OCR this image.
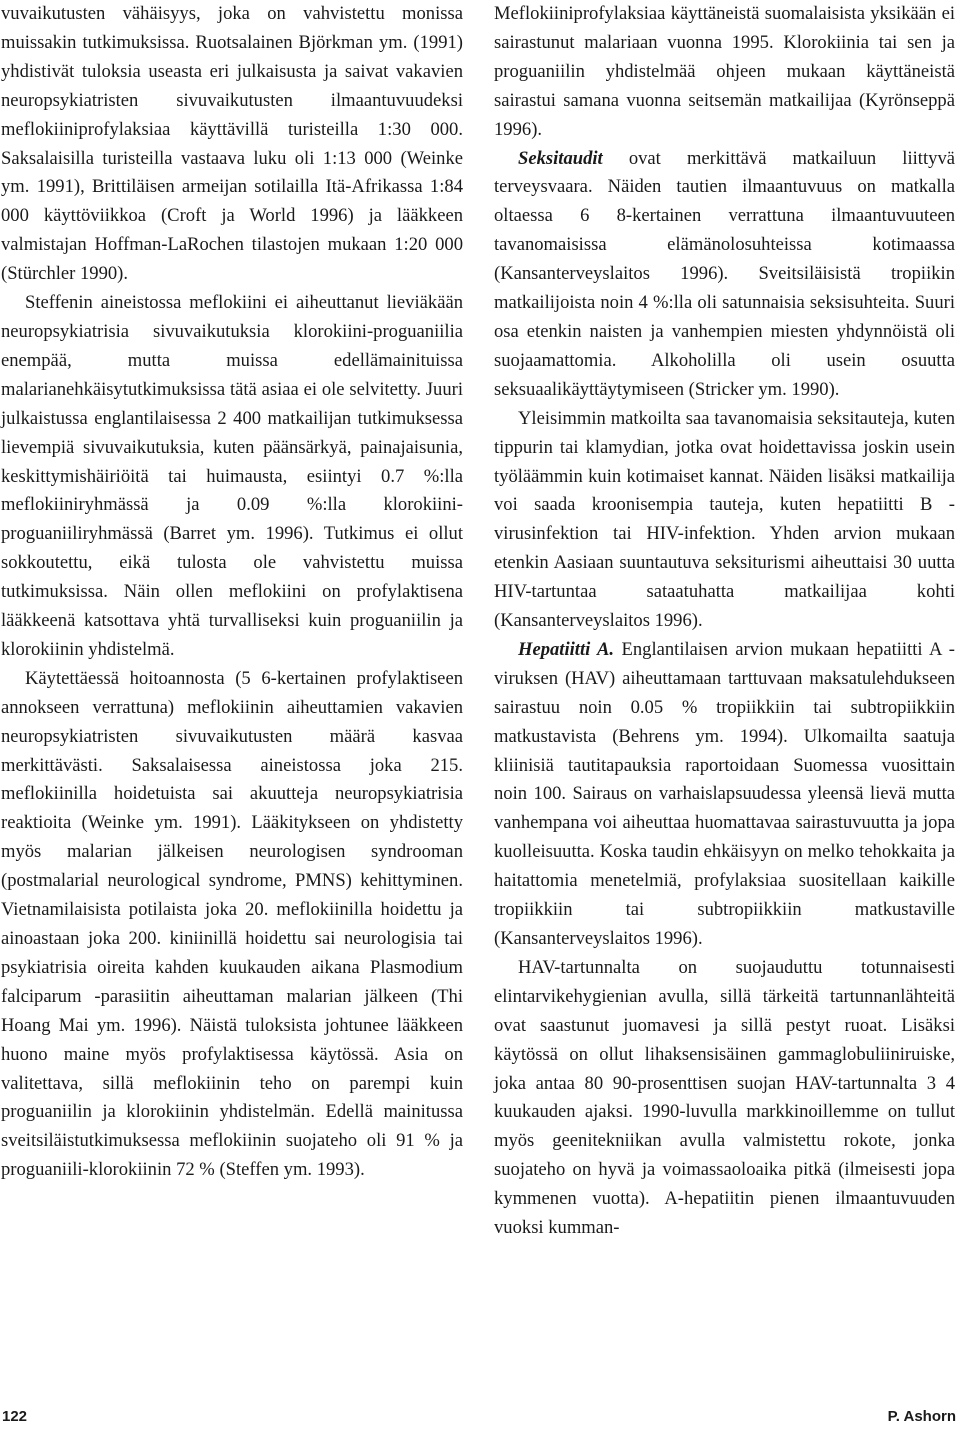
vuvaikutusten vähäisyys, joka on vahvistettu monissa muissakin tutkimuksissa. Ruotsalainen Björkman ym. (1991) yhdistivät tuloksia useasta eri julkaisusta ja saivat vakavien neuropsykiatristen sivuvaikutusten ilmaantuvuudeksi meflokiiniprofylaksiaa käyttävillä turisteilla 1:30 000. Saksalaisilla turisteilla vastaava luku oli 1:13 000 (Weinke ym. 1991), Brittiläisen armeijan sotilailla Itä-Afrikassa 1:84 000 käyttöviikkoa (Croft ja World 1996) ja lääkkeen valmistajan Hoffman-LaRochen tilastojen mukaan 1:20 000 (Stürchler 1990).

Steffenin aineistossa meflokiini ei aiheuttanut lieviäkään neuropsykiatrisia sivuvaikutuksia klorokiini-proguaniilia enempää, mutta muissa edellämainituissa malarianehkäisytutkimuksissa tätä asiaa ei ole selvitetty. Juuri julkaistussa englantilaisessa 2 400 matkailijan tutkimuksessa lievempiä sivuvaikutuksia, kuten päänsärkyä, painajaisunia, keskittymishäiriöitä tai huimausta, esiintyi 0.7 %:lla meflokiiniryhmässä ja 0.09 %:lla klorokiini-proguaniiliryhmässä (Barret ym. 1996). Tutkimus ei ollut sokkoutettu, eikä tulosta ole vahvistettu muissa tutkimuksissa. Näin ollen meflokiini on profylaktisena lääkkeenä katsottava yhtä turvalliseksi kuin proguaniilin ja klorokiinin yhdistelmä.

Käytettäessä hoitoannosta (5 6-kertainen profylaktiseen annokseen verrattuna) meflokiinin aiheuttamien vakavien neuropsykiatristen sivuvaikutusten määrä kasvaa merkittävästi. Saksalaisessa aineistossa joka 215. meflokiinilla hoidetuista sai akuutteja neuropsykiatrisia reaktioita (Weinke ym. 1991). Lääkitykseen on yhdistetty myös malarian jälkeisen neurologisen syndrooman (postmalarial neurological syndrome, PMNS) kehittyminen. Vietnamilaisista potilaista joka 20. meflokiinilla hoidettu ja ainoastaan joka 200. kiniinillä hoidettu sai neurologisia tai psykiatrisia oireita kahden kuukauden aikana Plasmodium falciparum -parasiitin aiheuttaman malarian jälkeen (Thi Hoang Mai ym. 1996). Näistä tuloksista johtunee lääkkeen huono maine myös profylaktisessa käytössä. Asia on valitettava, sillä meflokiinin teho on parempi kuin proguaniilin ja klorokiinin yhdistelmän. Edellä mainitussa sveitsiläistutkimuksessa meflokiinin suojateho oli 91 % ja proguaniili-klorokiinin 72 % (Steffen ym. 1993).

Meflokiiniprofylaksiaa käyttäneistä suomalaisista yksikään ei sairastunut malariaan vuonna 1995. Klorokiinia tai sen ja proguaniilin yhdistelmää ohjeen mukaan käyttäneistä sairastui samana vuonna seitsemän matkailijaa (Kyrönseppä 1996).

Seksitaudit ovat merkittävä matkailuun liittyvä terveysvaara. Näiden tautien ilmaantuvuus on matkalla oltaessa 6 8-kertainen verrattuna ilmaantuvuuteen tavanomaisissa elämänolosuhteissa kotimaassa (Kansanterveyslaitos 1996). Sveitsiläisistä tropiikin matkailijoista noin 4 %:lla oli satunnaisia seksisuhteita. Suuri osa etenkin naisten ja vanhempien miesten yhdynnöistä oli suojaamattomia. Alkoholilla oli usein osuutta seksuaalikäyttäytymiseen (Stricker ym. 1990).

Yleisimmin matkoilta saa tavanomaisia seksitauteja, kuten tippurin tai klamydian, jotka ovat hoidettavissa joskin usein työläämmin kuin kotimaiset kannat. Näiden lisäksi matkailija voi saada kroonisempia tauteja, kuten hepatiitti B -virusinfektion tai HIV-infektion. Yhden arvion mukaan etenkin Aasiaan suuntautuva seksiturismi aiheuttaisi 30 uutta HIV-tartuntaa sataatuhatta matkailijaa kohti (Kansanterveyslaitos 1996).

Hepatiitti A. Englantilaisen arvion mukaan hepatiitti A -viruksen (HAV) aiheuttamaan tarttuvaan maksatulehdukseen sairastuu noin 0.05 % tropiikkiin tai subtropiikkiin matkustavista (Behrens ym. 1994). Ulkomailta saatuja kliinisiä tautitapauksia raportoidaan Suomessa vuosittain noin 100. Sairaus on varhaislapsuudessa yleensä lievä mutta vanhempana voi aiheuttaa huomattavaa sairastuvuutta ja jopa kuolleisuutta. Koska taudin ehkäisyyn on melko tehokkaita ja haitattomia menetelmiä, profylaksiaa suositellaan kaikille tropiikkiin tai subtropiikkiin matkustaville (Kansanterveyslaitos 1996).

HAV-tartunnalta on suojauduttu totunnaisesti elintarvikehygienian avulla, sillä tärkeitä tartunnanlähteitä ovat saastunut juomavesi ja sillä pestyt ruoat. Lisäksi käytössä on ollut lihaksensisäinen gammaglobuliiniruiske, joka antaa 80 90-prosenttisen suojan HAV-tartunnalta 3 4 kuukauden ajaksi. 1990-luvulla markkinoillemme on tullut myös geenitekniikan avulla valmistettu rokote, jonka suojateho on hyvä ja voimassaoloaika pitkä (ilmeisesti jopa kymmenen vuotta). A-hepatiitin pienen ilmaantuvuuden vuoksi kumman-

122	P. Ashorn
